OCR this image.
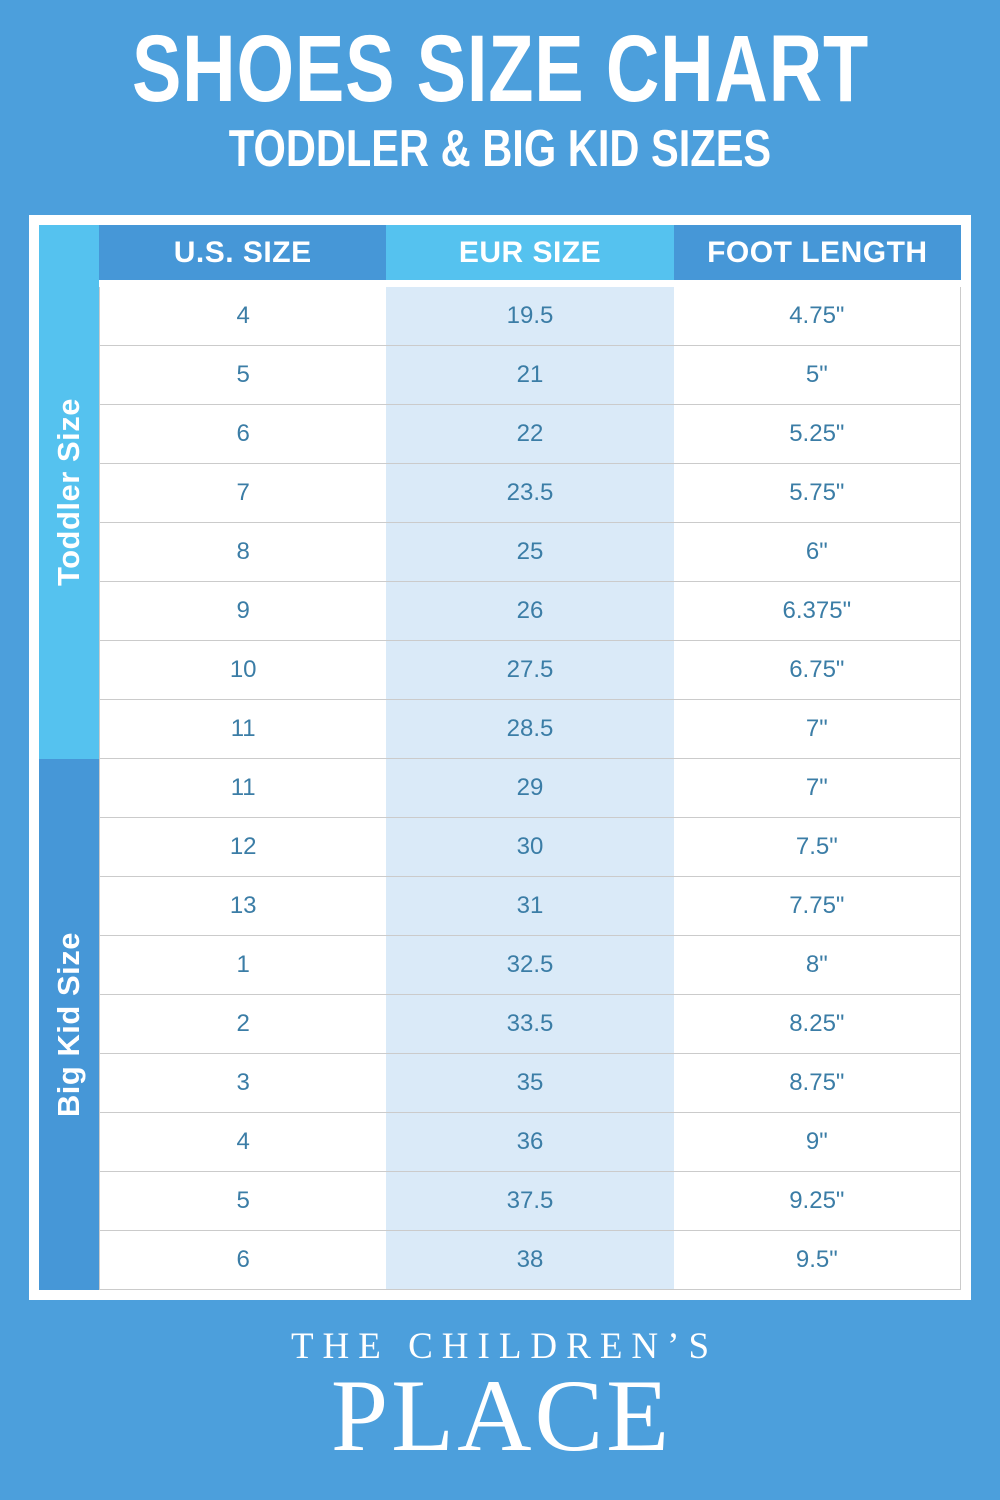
SHOES SIZE CHART
TODDLER & BIG KID SIZES
U.S. SIZE	EUR SIZE	FOOT LENGTH
Toddler Size
Big Kid Size
4	19.5	4.75"
5	21	5"
6	22	5.25"
7	23.5	5.75"
8	25	6"
9	26	6.375"
10	27.5	6.75"
11	28.5	7"
11	29	7"
12	30	7.5"
13	31	7.75"
1	32.5	8"
2	33.5	8.25"
3	35	8.75"
4	36	9"
5	37.5	9.25"
6	38	9.5"
THE CHILDREN’S
PLACE
